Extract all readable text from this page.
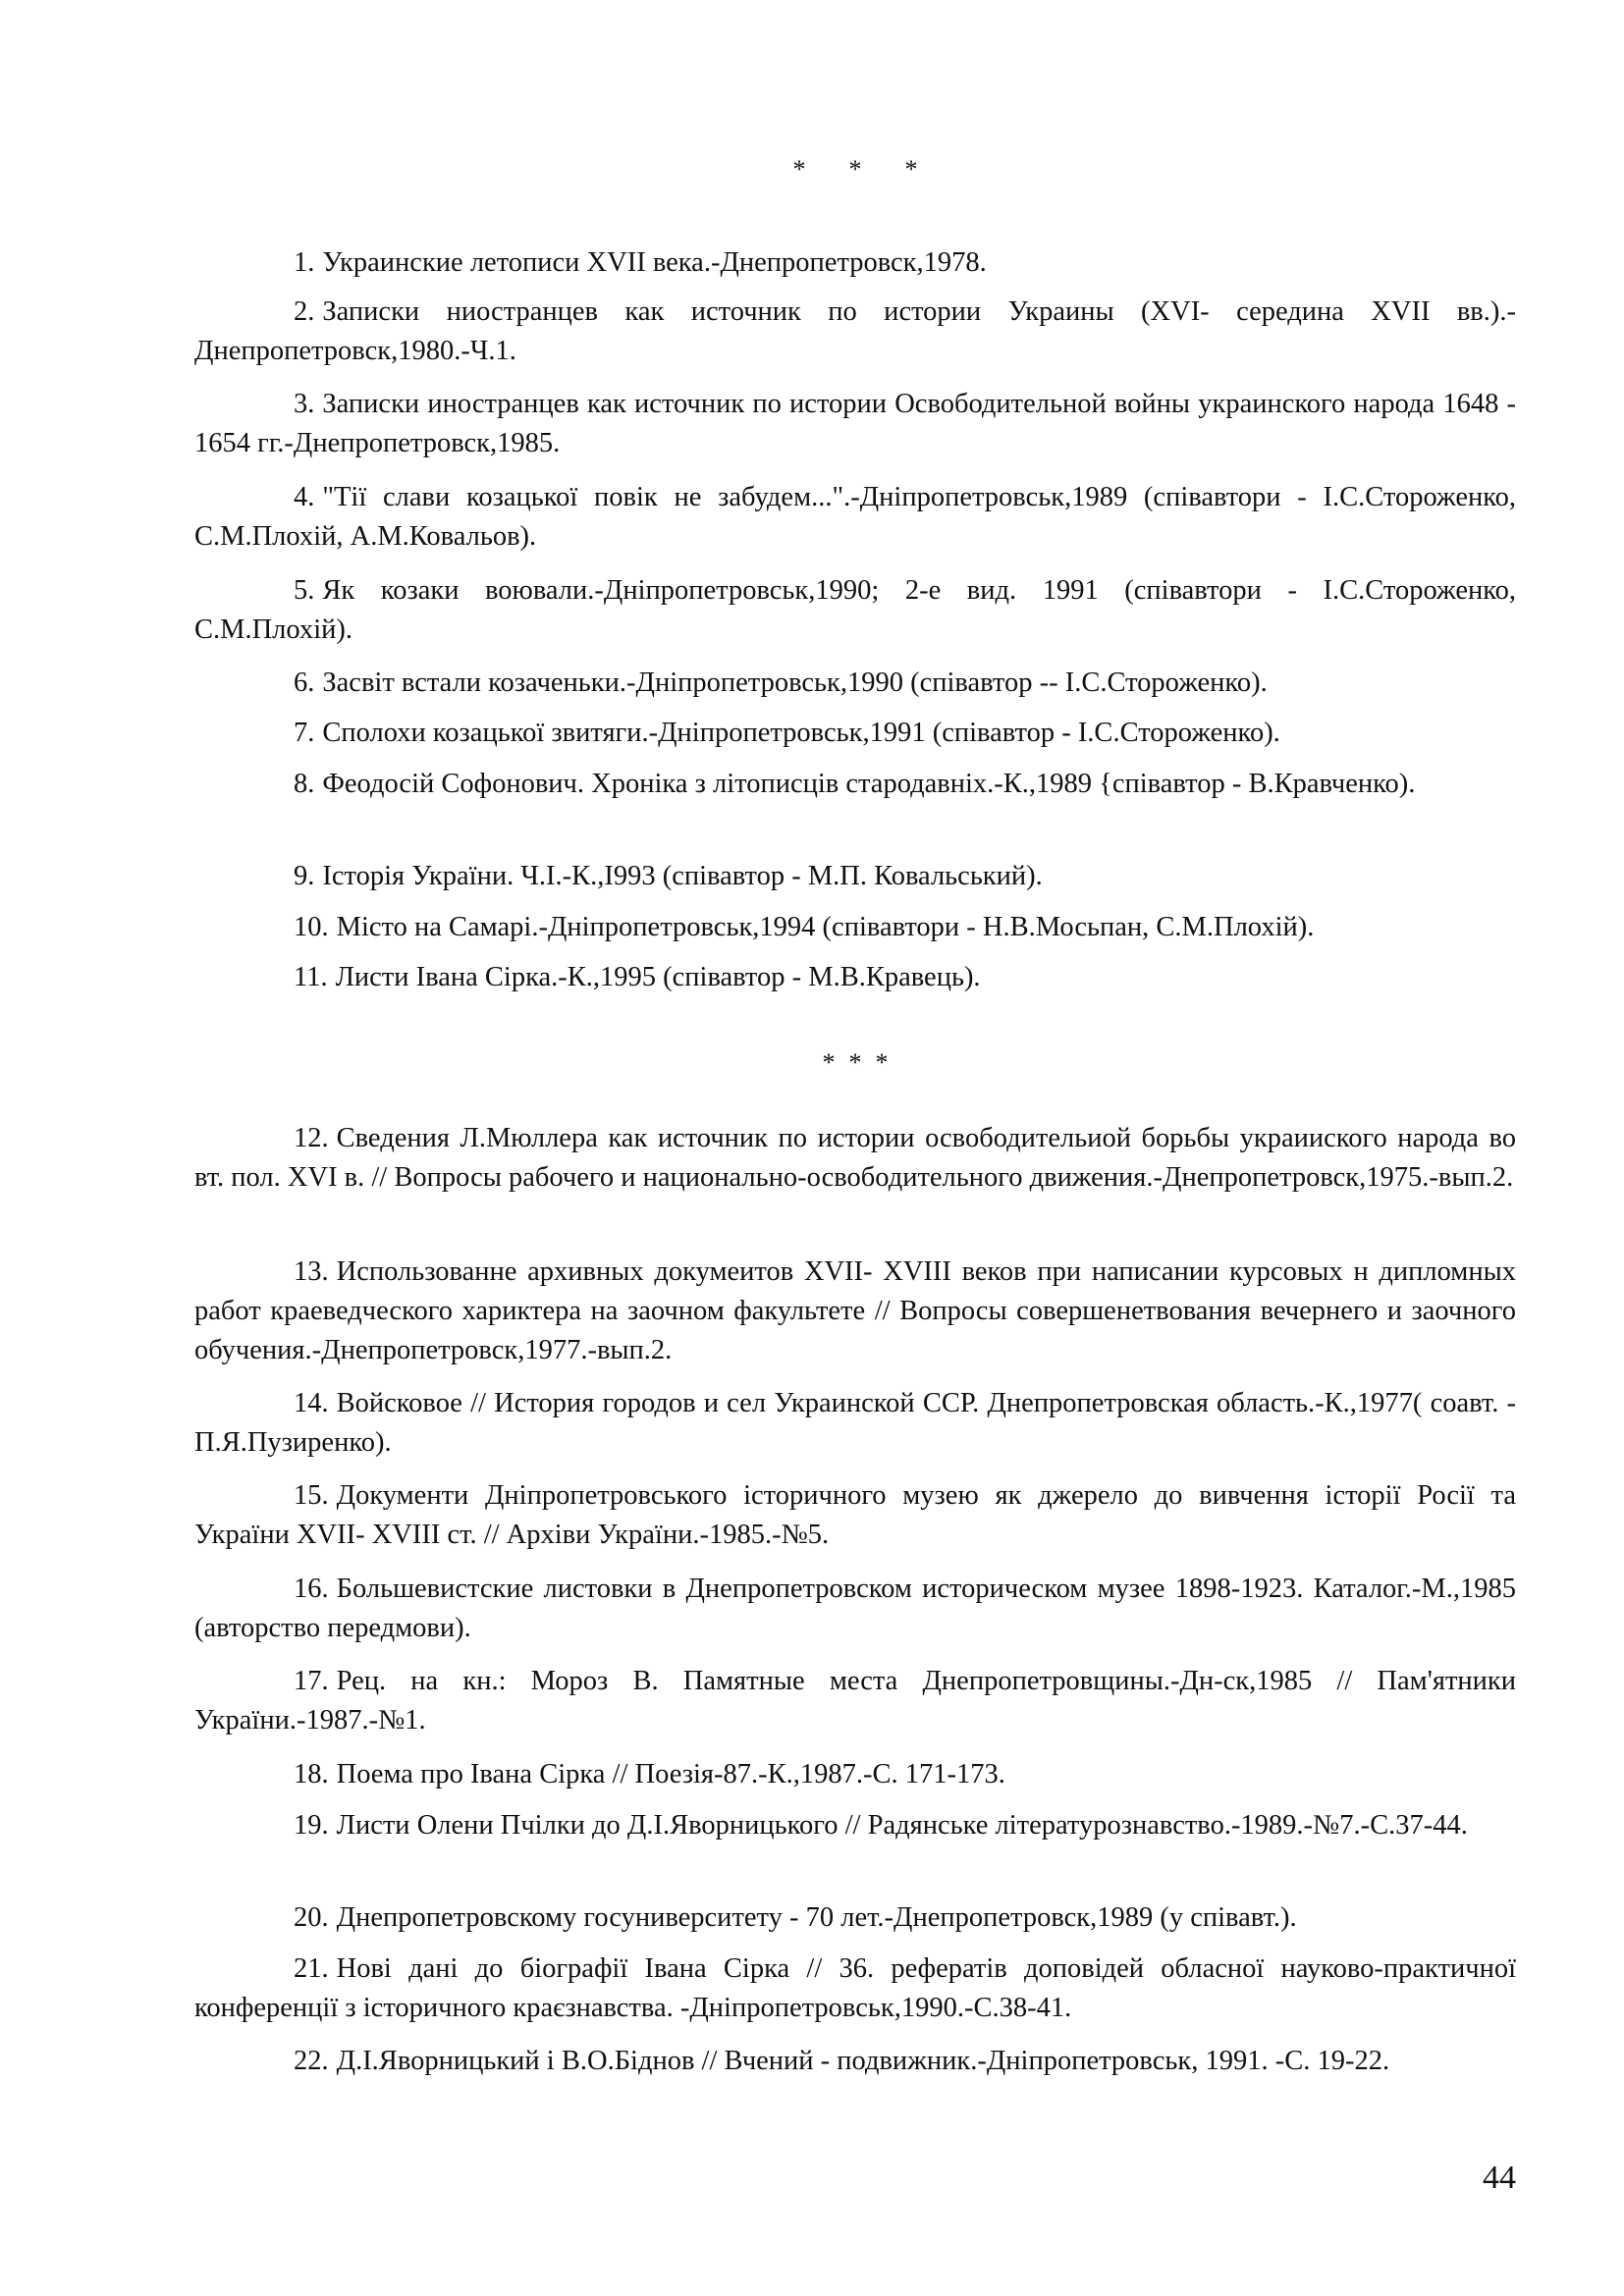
* * *

1. Украинские летописи XVII века.-Днепропетровск,1978.

2. Записки ниостранцев как источник по истории Украины (XVI- середина XVII вв.).-Днепропетровск,1980.-Ч.1.

3. Записки иностранцев как источник по истории Освободительной войны украинского народа 1648 - 1654 гг.-Днепропетровск,1985.

4. "Тії слави козацької повік не забудем...".-Дніпропетровськ,1989 (співавтори - І.С.Стороженко, С.М.Плохій, А.М.Ковальов).

5. Як козаки воювали.-Дніпропетровськ,1990; 2-е вид. 1991 (співавтори - І.С.Стороженко, С.М.Плохій).

6. Засвіт встали козаченьки.-Дніпропетровськ,1990 (співавтор -- І.С.Стороженко).

7. Сполохи козацької звитяги.-Дніпропетровськ,1991 (співавтор - І.С.Стороженко).

8. Феодосій Софонович. Хроніка з літописців стародавніх.-К.,1989 {співавтор - В.Кравченко).

9. Історія України. Ч.І.-К.,І993 (співавтор - М.П. Ковальський).

10. Місто на Самарі.-Дніпропетровськ,1994 (співавтори - Н.В.Мосьпан, С.М.Плохій).

11. Листи Івана Сірка.-К.,1995 (співавтор - М.В.Кравець).

* * *

12. Сведения Л.Мюллера как источник по истории освободительиой борьбы украииского народа во вт. пол. XVI в. // Вопросы рабочего и национально-освободительного движения.-Днепропетровск,1975.-вып.2.

13. Использованне архивных докумeитов XVII- XVIII веков при написании курсовых н дипломных работ краеведческого хариктера на заочном факультете // Вопросы совершенетвования вечернего и заочного обучения.-Днепропетровск,1977.-вып.2.

14. Войсковое // История городов и сел Украинской ССР. Днепропетровская область.-К.,1977( соавт. - П.Я.Пузиренко).

15. Документи Дніпропетровського історичного музею як джерело до вивчення історії Росії та України XVII- XVIII ст. // Архіви України.-1985.-№5.

16. Большевистские листовки в Днепропетровском историческом музее 1898-1923. Каталог.-М.,1985 (авторство передмови).

17. Рец. на кн.: Мороз В. Памятные места Днепропетровщины.-Дн-ск,1985 // Пам'ятники України.-1987.-№1.

18. Поема про Івана Сірка // Поезія-87.-К.,1987.-С. 171-173.

19. Листи Олени Пчілки до Д.І.Яворницького // Радянське літературознавство.-1989.-№7.-С.37-44.

20. Днепропетровскому госуниверситету - 70 лет.-Днепропетровск,1989 (у співавт.).

21. Нові дані до біографії Івана Сірка // 36. рефератів доповідей обласної науково-практичної конференції з історичного краєзнавства. -Дніпропетровськ,1990.-С.38-41.

22. Д.І.Яворницький і В.О.Біднов // Вчений - подвижник.-Дніпропетровськ, 1991. -С. 19-22.

44
